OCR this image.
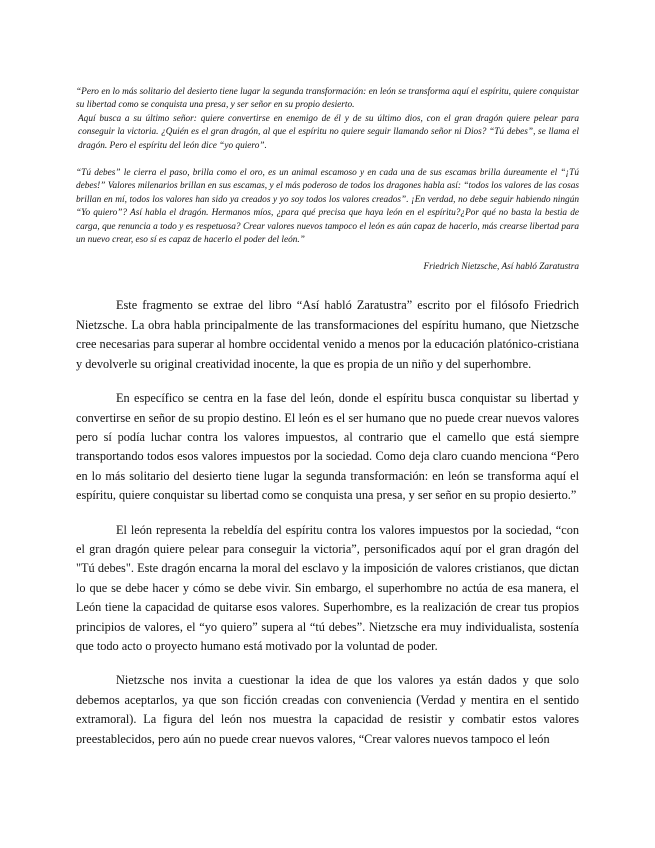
“Pero en lo más solitario del desierto tiene lugar la segunda transformación: en león se transforma aquí el espíritu, quiere conquistar su libertad como se conquista una presa, y ser señor en su propio desierto.

Aquí busca a su último señor: quiere convertirse en enemigo de él y de su último dios, con el gran dragón quiere pelear para conseguir la victoria. ¿Quién es el gran dragón, al que el espíritu no quiere seguir llamando señor ni Dios? “Tú debes”, se llama el dragón. Pero el espíritu del león dice “yo quiero”.

“Tú debes” le cierra el paso, brilla como el oro, es un animal escamoso y en cada una de sus escamas brilla áureamente el “¡Tú debes!” Valores milenarios brillan en sus escamas, y el más poderoso de todos los dragones habla así: “todos los valores de las cosas brillan en mí, todos los valores han sido ya creados y yo soy todos los valores creados”. ¡En verdad, no debe seguir habiendo ningún “Yo quiero”? Así habla el dragón. Hermanos míos, ¿para qué precisa que haya león en el espíritu?¿Por qué no basta la bestia de carga, que renuncia a todo y es respetuosa? Crear valores nuevos tampoco el león es aún capaz de hacerlo, más crearse libertad para un nuevo crear, eso sí es capaz de hacerlo el poder del león.”

Friedrich Nietzsche, Así habló Zaratustra

Este fragmento se extrae del libro “Así habló Zaratustra” escrito por el filósofo Friedrich Nietzsche. La obra habla principalmente de las transformaciones del espíritu humano, que Nietzsche cree necesarias para superar al hombre occidental venido a menos por la educación platónico-cristiana y devolverle su original creatividad inocente, la que es propia de un niño y del superhombre.

En específico se centra en la fase del león, donde el espíritu busca conquistar su libertad y convertirse en señor de su propio destino. El león es el ser humano que no puede crear nuevos valores pero sí podía luchar contra los valores impuestos, al contrario que el camello que está siempre transportando todos esos valores impuestos por la sociedad. Como deja claro cuando menciona “Pero en lo más solitario del desierto tiene lugar la segunda transformación: en león se transforma aquí el espíritu, quiere conquistar su libertad como se conquista una presa, y ser señor en su propio desierto.”

El león representa la rebeldía del espíritu contra los valores impuestos por la sociedad, “con el gran dragón quiere pelear para conseguir la victoria”, personificados aquí por el gran dragón del "Tú debes". Este dragón encarna la moral del esclavo y la imposición de valores cristianos, que dictan lo que se debe hacer y cómo se debe vivir. Sin embargo, el superhombre no actúa de esa manera, el León tiene la capacidad de quitarse esos valores. Superhombre, es la realización de crear tus propios principios de valores, el “yo quiero” supera al “tú debes”. Nietzsche era muy individualista, sostenía que todo acto o proyecto humano está motivado por la voluntad de poder.

Nietzsche nos invita a cuestionar la idea de que los valores ya están dados y que solo debemos aceptarlos, ya que son ficción creadas con conveniencia (Verdad y mentira en el sentido extramoral). La figura del león nos muestra la capacidad de resistir y combatir estos valores preestablecidos, pero aún no puede crear nuevos valores, “Crear valores nuevos tampoco el león
